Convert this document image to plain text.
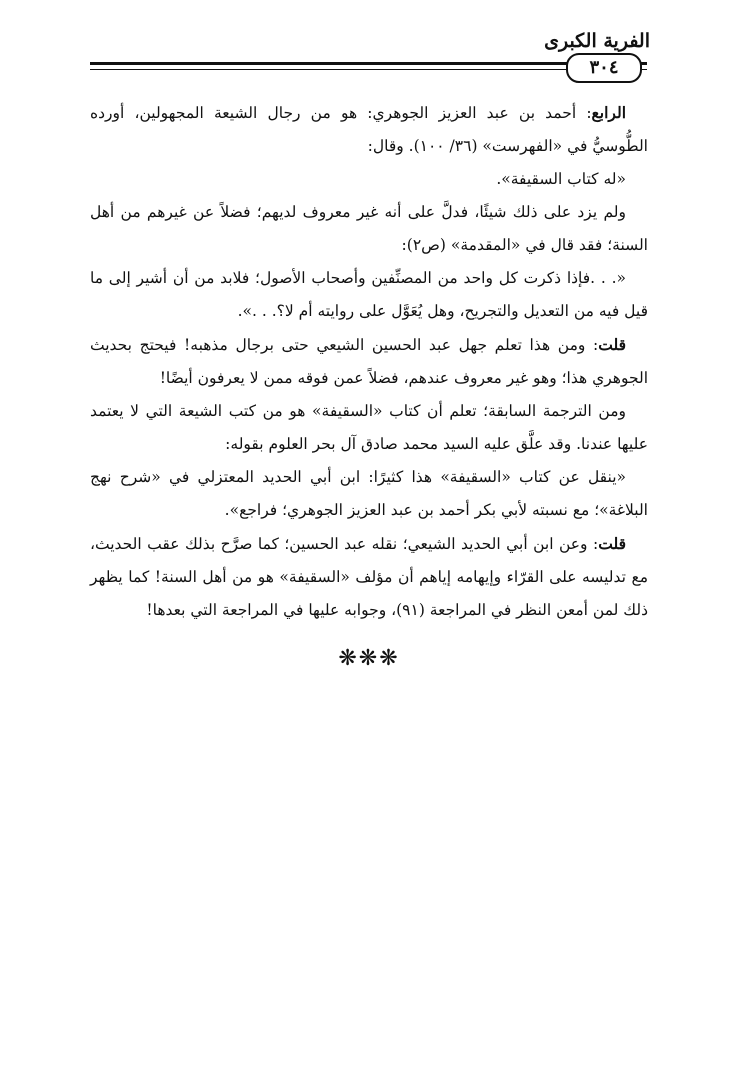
الفرية الكبرى
٣٠٤

الرابع: أحمد بن عبد العزيز الجوهري: هو من رجال الشيعة المجهولين، أورده الطُّوسيُّ في «الفهرست» (٣٦/ ١٠٠). وقال:

«له كتاب السقيفة».

ولم يزد على ذلك شيئًا، فدلَّ على أنه غير معروف لديهم؛ فضلاً عن غيرهم من أهل السنة؛ فقد قال في «المقدمة» (ص٢):

«. . .فإذا ذكرت كل واحد من المصنِّفين وأصحاب الأصول؛ فلابد من أن أشير إلى ما قيل فيه من التعديل والتجريح، وهل يُعَوَّل على روايته أم لا؟. . .».

قلت: ومن هذا تعلم جهل عبد الحسين الشيعي حتى برجال مذهبه! فيحتج بحديث الجوهري هذا؛ وهو غير معروف عندهم، فضلاً عمن فوقه ممن لا يعرفون أيضًا!

ومن الترجمة السابقة؛ تعلم أن كتاب «السقيفة» هو من كتب الشيعة التي لا يعتمد عليها عندنا. وقد علَّق عليه السيد محمد صادق آل بحر العلوم بقوله:

«ينقل عن كتاب «السقيفة» هذا كثيرًا: ابن أبي الحديد المعتزلي في «شرح نهج البلاغة»؛ مع نسبته لأبي بكر أحمد بن عبد العزيز الجوهري؛ فراجع».

قلت: وعن ابن أبي الحديد الشيعي؛ نقله عبد الحسين؛ كما صرَّح بذلك عقب الحديث، مع تدليسه على القرّاء وإيهامه إياهم أن مؤلف «السقيفة» هو من أهل السنة! كما يظهر ذلك لمن أمعن النظر في المراجعة (٩١)، وجوابه عليها في المراجعة التي بعدها!

❋❋❋
